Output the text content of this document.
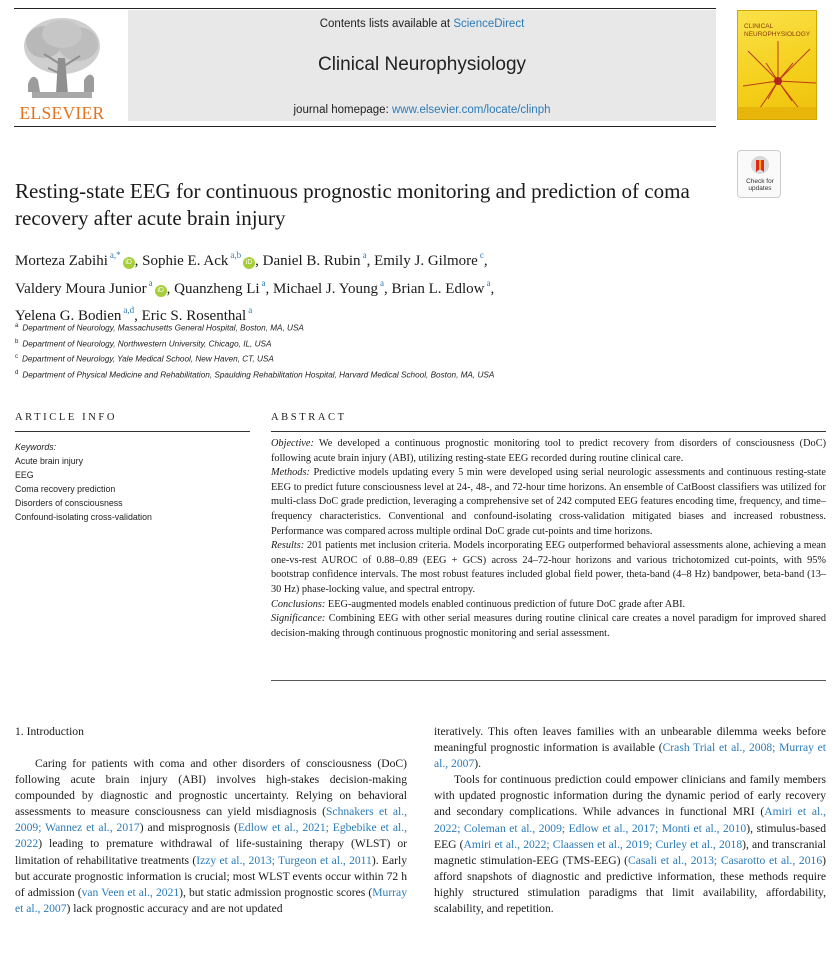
ELSEVIER
Contents lists available at ScienceDirect
Clinical Neurophysiology
journal homepage: www.elsevier.com/locate/clinph
CLINICAL
NEUROPHYSIOLOGY
Check for
updates
Resting-state EEG for continuous prognostic monitoring and prediction of coma recovery after acute brain injury
Morteza Zabihi $^{a,*}$iD , Sophie E. Ack $^{a,b}$iD , Daniel B. Rubin $^a$, Emily J. Gilmore $^c$,
Valdery Moura Junior $^a$iD , Quanzheng Li $^a$, Michael J. Young $^a$, Brian L. Edlow $^a$,
Yelena G. Bodien $^{a,d}$, Eric S. Rosenthal $^a$
$^a$ Department of Neurology, Massachusetts General Hospital, Boston, MA, USA
$^b$ Department of Neurology, Northwestern University, Chicago, IL, USA
$^c$ Department of Neurology, Yale Medical School, New Haven, CT, USA
$^d$ Department of Physical Medicine and Rehabilitation, Spaulding Rehabilitation Hospital, Harvard Medical School, Boston, MA, USA
ARTICLE INFO	ABSTRACT
Keywords:
Acute brain injury
EEG
Coma recovery prediction
Disorders of consciousness
Confound-isolating cross-validation

Objective: We developed a continuous prognostic monitoring tool to predict recovery from disorders of consciousness (DoC) following acute brain injury (ABI), utilizing resting-state EEG recorded during routine clinical care.

Methods: Predictive models updating every 5 min were developed using serial neurologic assessments and continuous resting-state EEG to predict future consciousness level at 24-, 48-, and 72-hour time horizons. An ensemble of CatBoost classifiers was utilized for multi-class DoC grade prediction, leveraging a comprehensive set of 242 computed EEG features encoding time, frequency, and time–frequency characteristics. Conventional and confound-isolating cross-validation mitigated biases and increased robustness. Performance was compared across multiple ordinal DoC grade cut-points and time horizons.

Results: 201 patients met inclusion criteria. Models incorporating EEG outperformed behavioral assessments alone, achieving a mean one-vs-rest AUROC of 0.88–0.89 (EEG + GCS) across 24–72-hour horizons and various trichotomized cut-points, with 95% bootstrap confidence intervals. The most robust features included global field power, theta-band (4–8 Hz) bandpower, beta-band (13–30 Hz) phase-locking value, and spectral entropy.

Conclusions: EEG-augmented models enabled continuous prediction of future DoC grade after ABI.

Significance: Combining EEG with other serial measures during routine clinical care creates a novel paradigm for improved shared decision-making through continuous prognostic monitoring and serial assessment.

1. Introduction

Caring for patients with coma and other disorders of consciousness (DoC) following acute brain injury (ABI) involves high-stakes decision-making compounded by diagnostic and prognostic uncertainty. Relying on behavioral assessments to measure consciousness can yield misdiagnosis (Schnakers et al., 2009; Wannez et al., 2017) and misprognosis (Edlow et al., 2021; Egbebike et al., 2022) leading to premature withdrawal of life-sustaining therapy (WLST) or limitation of rehabilitative treatments (Izzy et al., 2013; Turgeon et al., 2011). Early but accurate prognostic information is crucial; most WLST events occur within 72 h of admission (van Veen et al., 2021), but static admission prognostic scores (Murray et al., 2007) lack prognostic accuracy and are not updated

iteratively. This often leaves families with an unbearable dilemma weeks before meaningful prognostic information is available (Crash Trial et al., 2008; Murray et al., 2007).

Tools for continuous prediction could empower clinicians and family members with updated prognostic information during the dynamic period of early recovery and secondary complications. While advances in functional MRI (Amiri et al., 2022; Coleman et al., 2009; Edlow et al., 2017; Monti et al., 2010), stimulus-based EEG (Amiri et al., 2022; Claassen et al., 2019; Curley et al., 2018), and transcranial magnetic stimulation-EEG (TMS-EEG) (Casali et al., 2013; Casarotto et al., 2016) afford snapshots of diagnostic and predictive information, these methods require highly structured stimulation paradigms that limit availability, affordability, scalability, and repetition.
